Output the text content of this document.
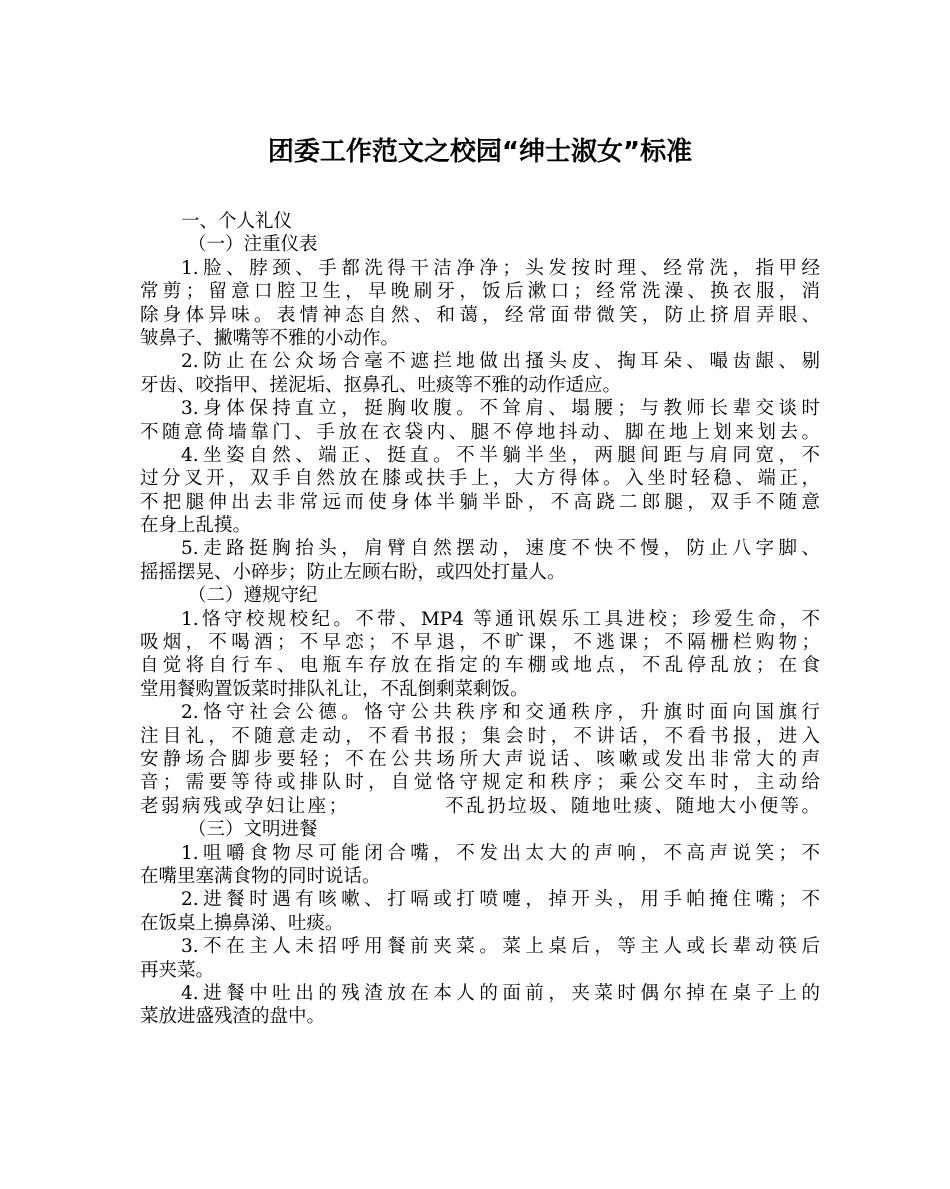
团委工作范文之校园“绅士淑女”标准
一、个人礼仪
（一）注重仪表
1.脸、脖颈、手都洗得干洁净净；头发按时理、经常洗，指甲经
常剪；留意口腔卫生，早晚刷牙，饭后漱口；经常洗澡、换衣服，消
除身体异味。表情神态自然、和蔼，经常面带微笑，防止挤眉弄眼、
皱鼻子、撇嘴等不雅的小动作。
2.防止在公众场合毫不遮拦地做出搔头皮、掏耳朵、嘬齿龈、剔
牙齿、咬指甲、搓泥垢、抠鼻孔、吐痰等不雅的动作适应。
3.身体保持直立，挺胸收腹。不耸肩、塌腰；与教师长辈交谈时
不随意倚墙靠门、手放在衣袋内、腿不停地抖动、脚在地上划来划去。
4.坐姿自然、端正、挺直。不半躺半坐，两腿间距与肩同宽，不
过分叉开，双手自然放在膝或扶手上，大方得体。入坐时轻稳、端正，
不把腿伸出去非常远而使身体半躺半卧，不高跷二郎腿，双手不随意
在身上乱摸。
5.走路挺胸抬头，肩臂自然摆动，速度不快不慢，防止八字脚、
摇摇摆晃、小碎步；防止左顾右盼，或四处打量人。
（二）遵规守纪
1.恪守校规校纪。不带、MP4 等通讯娱乐工具进校；珍爱生命，不
吸烟，不喝酒；不早恋；不早退，不旷课，不逃课；不隔栅栏购物；
自觉将自行车、电瓶车存放在指定的车棚或地点，不乱停乱放；在食
堂用餐购置饭菜时排队礼让，不乱倒剩菜剩饭。
2.恪守社会公德。恪守公共秩序和交通秩序，升旗时面向国旗行
注目礼，不随意走动，不看书报；集会时，不讲话，不看书报，进入
安静场合脚步要轻；不在公共场所大声说话、咳嗽或发出非常大的声
音；需要等待或排队时，自觉恪守规定和秩序；乘公交车时，主动给
老弱病残或孕妇让座；　　　　　不乱扔垃圾、随地吐痰、随地大小便等。
（三）文明进餐
1.咀嚼食物尽可能闭合嘴，不发出太大的声响，不高声说笑；不
在嘴里塞满食物的同时说话。
2.进餐时遇有咳嗽、打嗝或打喷嚏，掉开头，用手帕掩住嘴；不
在饭桌上擤鼻涕、吐痰。
3.不在主人未招呼用餐前夹菜。菜上桌后，等主人或长辈动筷后
再夹菜。
4.进餐中吐出的残渣放在本人的面前，夹菜时偶尔掉在桌子上的
菜放进盛残渣的盘中。
